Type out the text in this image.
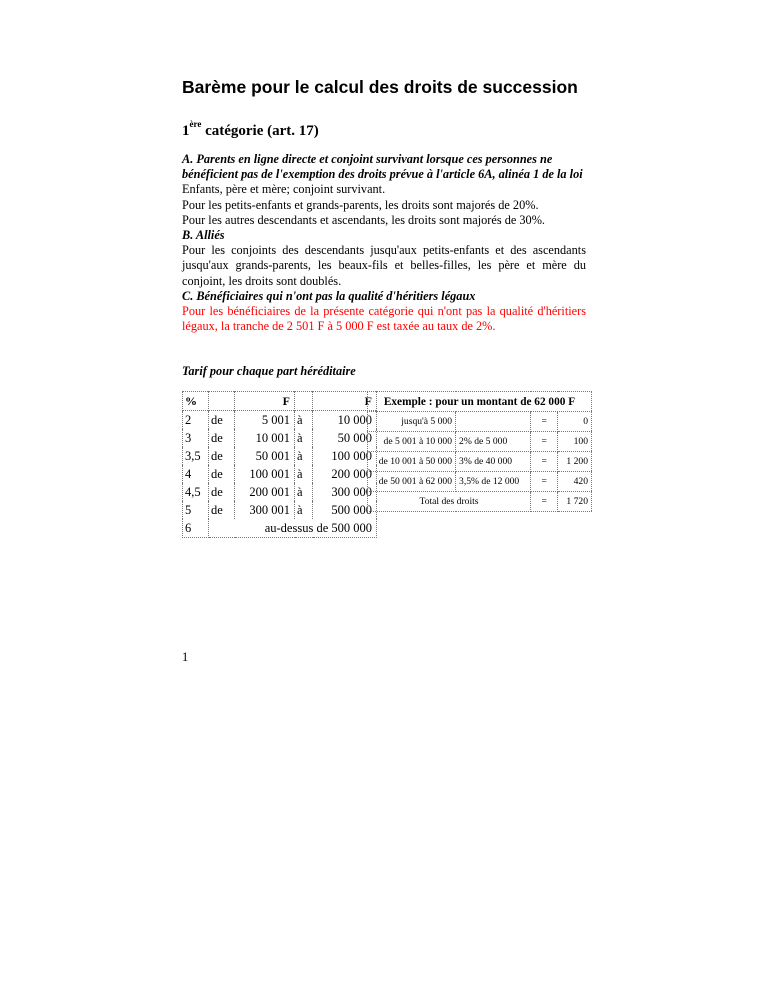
Barème pour le calcul des droits de succession
1ère catégorie (art. 17)

A. Parents en ligne directe et conjoint survivant lorsque ces personnes ne bénéficient pas de l'exemption des droits prévue à l'article 6A, alinéa 1 de la loi

Enfants, père et mère; conjoint survivant.

Pour les petits-enfants et grands-parents, les droits sont majorés de 20%.

Pour les autres descendants et ascendants, les droits sont majorés de 30%.

B. Alliés

Pour les conjoints des descendants jusqu'aux petits-enfants et des ascendants jusqu'aux grands-parents, les beaux-fils et belles-filles, les père et mère du conjoint, les droits sont doublés.

C. Bénéficiaires qui n'ont pas la qualité d'héritiers légaux

Pour les bénéficiaires de la présente catégorie qui n'ont pas la qualité d'héritiers légaux, la tranche de 2 501 F à 5 000 F est taxée au taux de 2%.

Tarif pour chaque part héréditaire
%		F		F
2	de	5 001	à	10 000
3	de	10 001	à	50 000
3,5	de	50 001	à	100 000
4	de	100 001	à	200 000
4,5	de	200 001	à	300 000
5	de	300 001	à	500 000
6	au-dessus de 500 000			
Exemple : pour un montant de 62 000 F			
jusqu'à 5 000		=	0
de 5 001 à 10 000	2% de 5 000	=	100
de 10 001 à 50 000	3% de 40 000	=	1 200
de 50 001 à 62 000	3,5% de 12 000	=	420
Total des droits		=	1 720
1
